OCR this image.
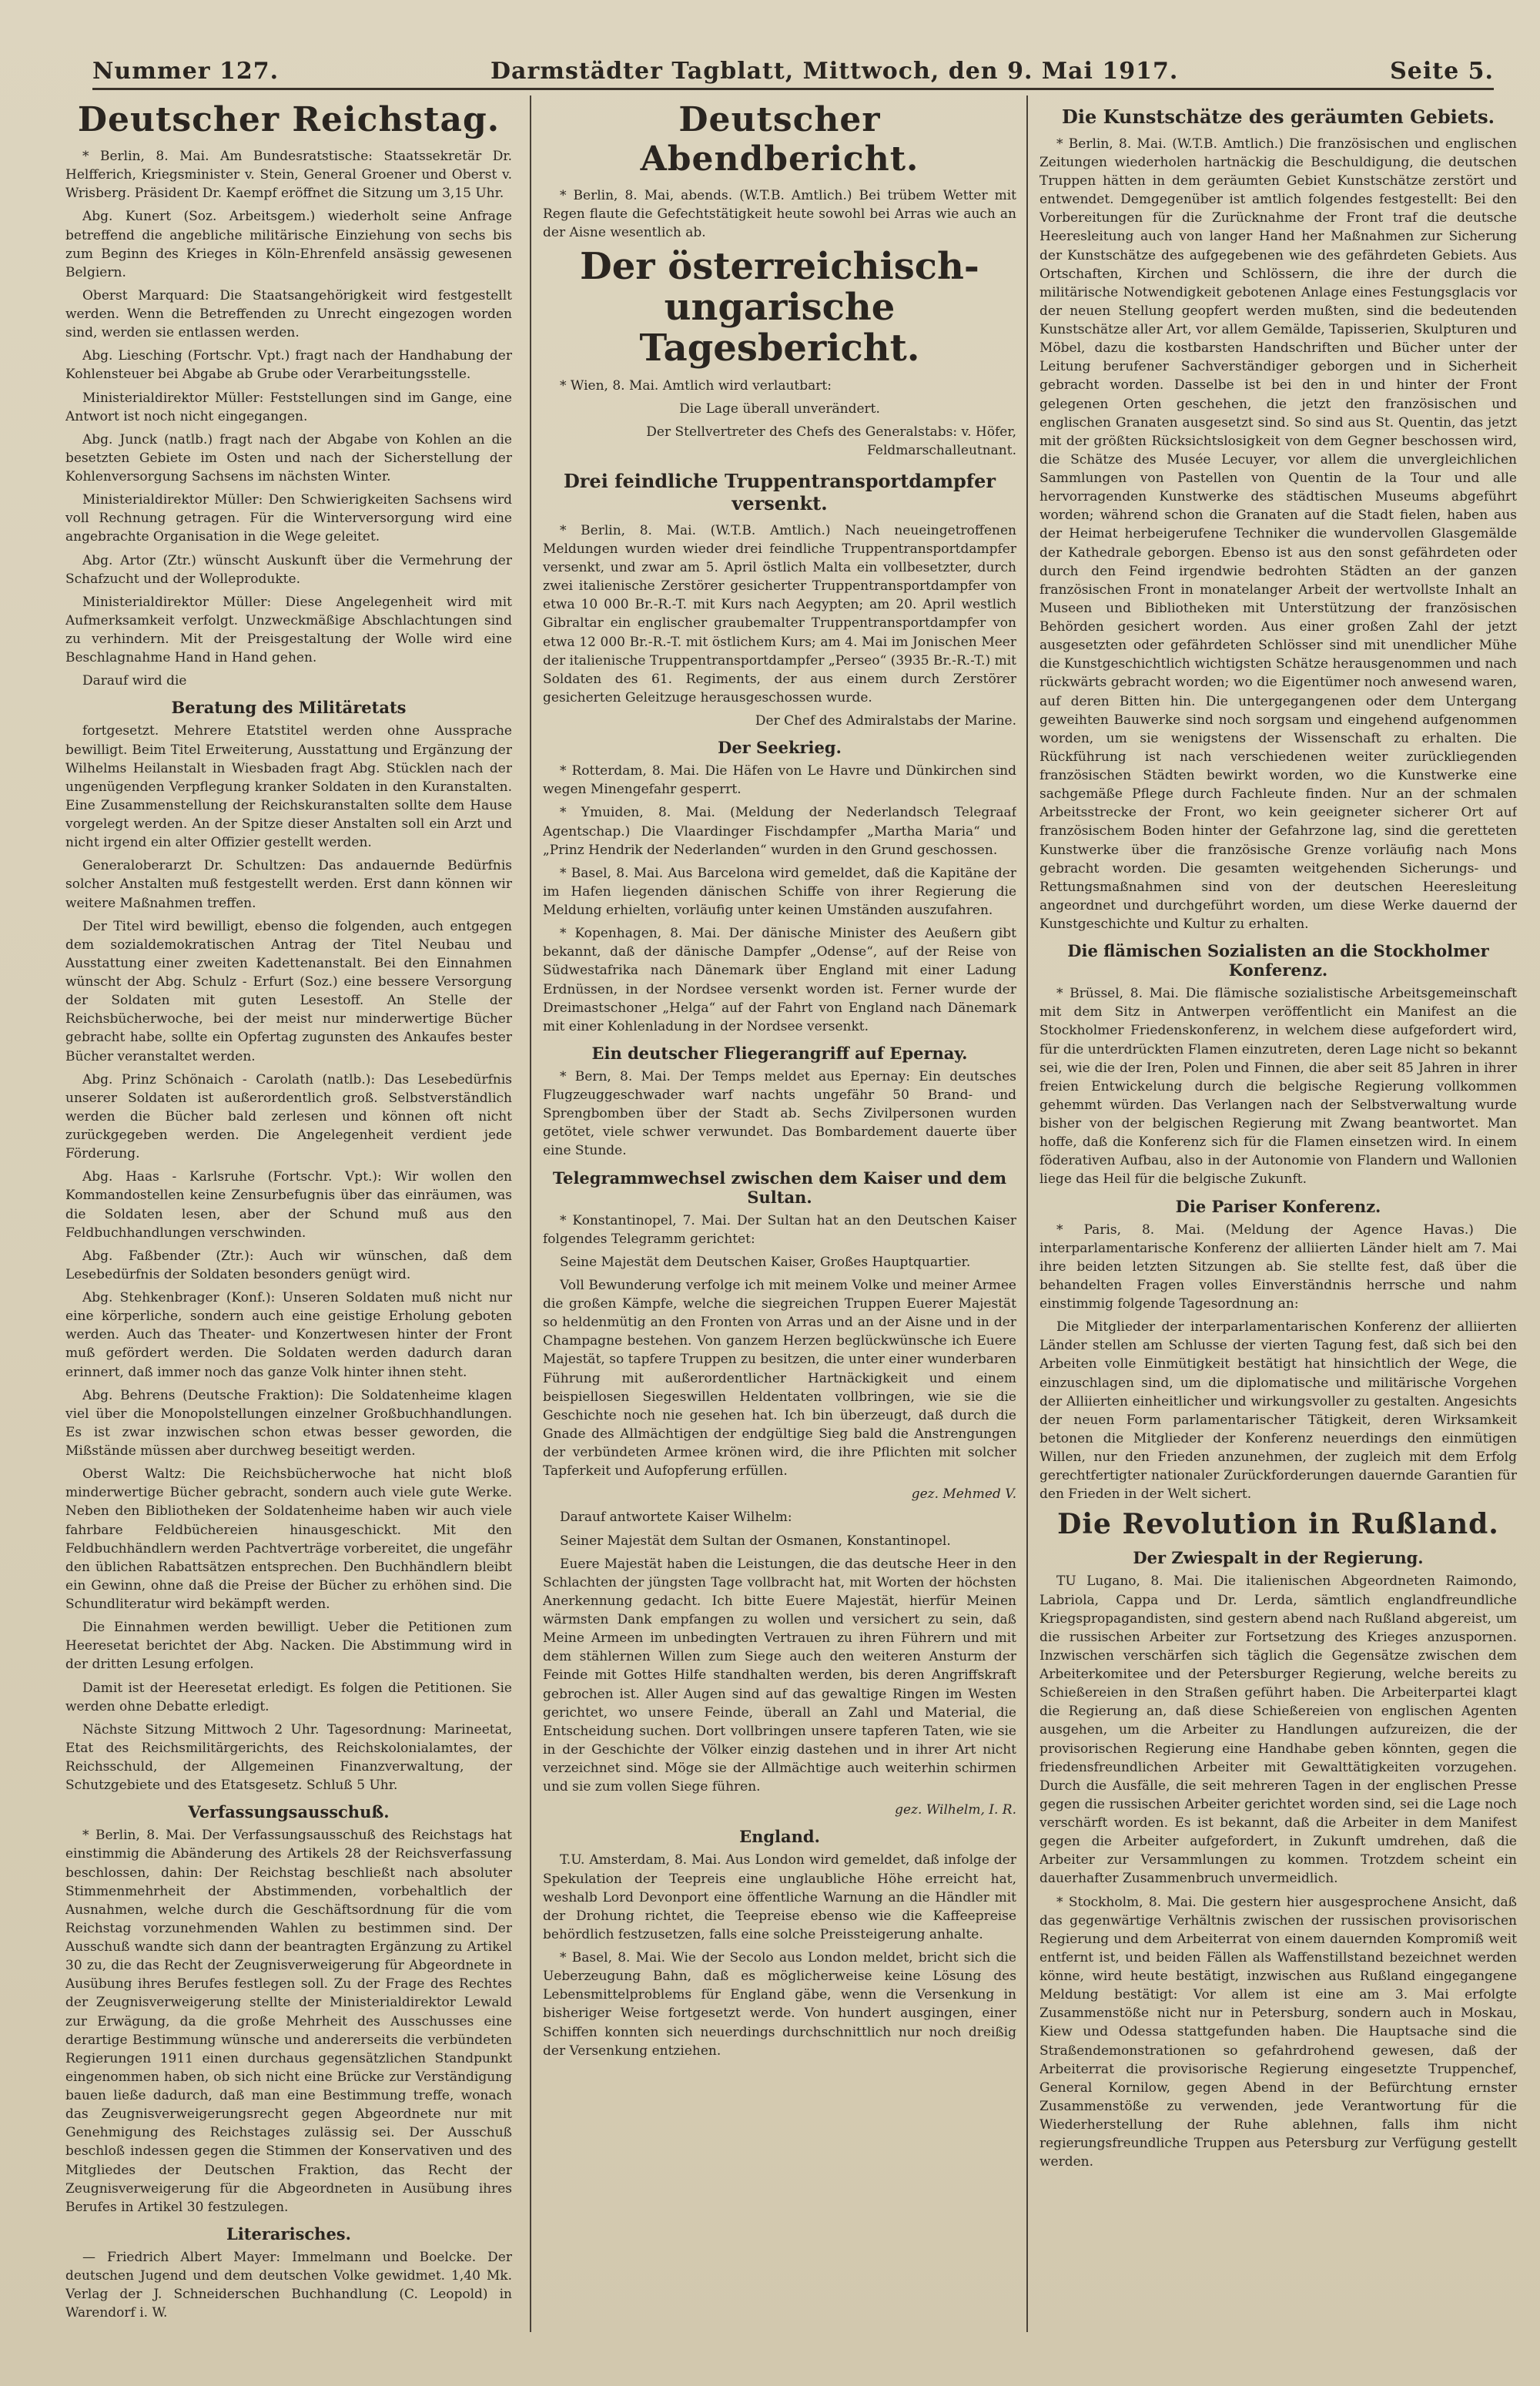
Nummer 127.	Darmstädter Tagblatt, Mittwoch, den 9. Mai 1917.	Seite 5.
Deutscher Reichstag.

* Berlin, 8. Mai. Am Bundesratstische: Staatssekretär Dr. Helfferich, Kriegsminister v. Stein, General Groener und Oberst v. Wrisberg. Präsident Dr. Kaempf eröffnet die Sitzung um 3,15 Uhr.

Abg. Kunert (Soz. Arbeitsgem.) wiederholt seine Anfrage betreffend die angebliche militärische Einziehung von sechs bis zum Beginn des Krieges in Köln-Ehrenfeld ansässig gewesenen Belgiern.

Oberst Marquard: Die Staatsangehörigkeit wird festgestellt werden. Wenn die Betreffenden zu Unrecht eingezogen worden sind, werden sie entlassen werden.

Abg. Liesching (Fortschr. Vpt.) fragt nach der Handhabung der Kohlensteuer bei Abgabe ab Grube oder Verarbeitungsstelle.

Ministerialdirektor Müller: Feststellungen sind im Gange, eine Antwort ist noch nicht eingegangen.

Abg. Junck (natlb.) fragt nach der Abgabe von Kohlen an die besetzten Gebiete im Osten und nach der Sicherstellung der Kohlenversorgung Sachsens im nächsten Winter.

Ministerialdirektor Müller: Den Schwierigkeiten Sachsens wird voll Rechnung getragen. Für die Winterversorgung wird eine angebrachte Organisation in die Wege geleitet.

Abg. Artor (Ztr.) wünscht Auskunft über die Vermehrung der Schafzucht und der Wolleprodukte.

Ministerialdirektor Müller: Diese Angelegenheit wird mit Aufmerksamkeit verfolgt. Unzweckmäßige Abschlachtungen sind zu verhindern. Mit der Preisgestaltung der Wolle wird eine Beschlagnahme Hand in Hand gehen.

Darauf wird die

Beratung des Militäretats

fortgesetzt. Mehrere Etatstitel werden ohne Aussprache bewilligt. Beim Titel Erweiterung, Ausstattung und Ergänzung der Wilhelms Heilanstalt in Wiesbaden fragt Abg. Stücklen nach der ungenügenden Verpflegung kranker Soldaten in den Kuranstalten. Eine Zusammenstellung der Reichskuranstalten sollte dem Hause vorgelegt werden. An der Spitze dieser Anstalten soll ein Arzt und nicht irgend ein alter Offizier gestellt werden.

Generaloberarzt Dr. Schultzen: Das andauernde Bedürfnis solcher Anstalten muß festgestellt werden. Erst dann können wir weitere Maßnahmen treffen.

Der Titel wird bewilligt, ebenso die folgenden, auch entgegen dem sozialdemokratischen Antrag der Titel Neubau und Ausstattung einer zweiten Kadettenanstalt. Bei den Einnahmen wünscht der Abg. Schulz - Erfurt (Soz.) eine bessere Versorgung der Soldaten mit guten Lesestoff. An Stelle der Reichsbücherwoche, bei der meist nur minderwertige Bücher gebracht habe, sollte ein Opfertag zugunsten des Ankaufes bester Bücher veranstaltet werden.

Abg. Prinz Schönaich - Carolath (natlb.): Das Lesebedürfnis unserer Soldaten ist außerordentlich groß. Selbstverständlich werden die Bücher bald zerlesen und können oft nicht zurückgegeben werden. Die Angelegenheit verdient jede Förderung.

Abg. Haas - Karlsruhe (Fortschr. Vpt.): Wir wollen den Kommandostellen keine Zensurbefugnis über das einräumen, was die Soldaten lesen, aber der Schund muß aus den Feldbuchhandlungen verschwinden.

Abg. Faßbender (Ztr.): Auch wir wünschen, daß dem Lesebedürfnis der Soldaten besonders genügt wird.

Abg. Stehkenbrager (Konf.): Unseren Soldaten muß nicht nur eine körperliche, sondern auch eine geistige Erholung geboten werden. Auch das Theater- und Konzertwesen hinter der Front muß gefördert werden. Die Soldaten werden dadurch daran erinnert, daß immer noch das ganze Volk hinter ihnen steht.

Abg. Behrens (Deutsche Fraktion): Die Soldatenheime klagen viel über die Monopolstellungen einzelner Großbuchhandlungen. Es ist zwar inzwischen schon etwas besser geworden, die Mißstände müssen aber durchweg beseitigt werden.

Oberst Waltz: Die Reichsbücherwoche hat nicht bloß minderwertige Bücher gebracht, sondern auch viele gute Werke. Neben den Bibliotheken der Soldatenheime haben wir auch viele fahrbare Feldbüchereien hinausgeschickt. Mit den Feldbuchhändlern werden Pachtverträge vorbereitet, die ungefähr den üblichen Rabattsätzen entsprechen. Den Buchhändlern bleibt ein Gewinn, ohne daß die Preise der Bücher zu erhöhen sind. Die Schundliteratur wird bekämpft werden.

Die Einnahmen werden bewilligt. Ueber die Petitionen zum Heeresetat berichtet der Abg. Nacken. Die Abstimmung wird in der dritten Lesung erfolgen.

Damit ist der Heeresetat erledigt. Es folgen die Petitionen. Sie werden ohne Debatte erledigt.

Nächste Sitzung Mittwoch 2 Uhr. Tagesordnung: Marineetat, Etat des Reichsmilitärgerichts, des Reichskolonialamtes, der Reichsschuld, der Allgemeinen Finanzverwaltung, der Schutzgebiete und des Etatsgesetz. Schluß 5 Uhr.

Verfassungsausschuß.

* Berlin, 8. Mai. Der Verfassungsausschuß des Reichstags hat einstimmig die Abänderung des Artikels 28 der Reichsverfassung beschlossen, dahin: Der Reichstag beschließt nach absoluter Stimmenmehrheit der Abstimmenden, vorbehaltlich der Ausnahmen, welche durch die Geschäftsordnung für die vom Reichstag vorzunehmenden Wahlen zu bestimmen sind. Der Ausschuß wandte sich dann der beantragten Ergänzung zu Artikel 30 zu, die das Recht der Zeugnisverweigerung für Abgeordnete in Ausübung ihres Berufes festlegen soll. Zu der Frage des Rechtes der Zeugnisverweigerung stellte der Ministerialdirektor Lewald zur Erwägung, da die große Mehrheit des Ausschusses eine derartige Bestimmung wünsche und andererseits die verbündeten Regierungen 1911 einen durchaus gegensätzlichen Standpunkt eingenommen haben, ob sich nicht eine Brücke zur Verständigung bauen ließe dadurch, daß man eine Bestimmung treffe, wonach das Zeugnisverweigerungsrecht gegen Abgeordnete nur mit Genehmigung des Reichstages zulässig sei. Der Ausschuß beschloß indessen gegen die Stimmen der Konservativen und des Mitgliedes der Deutschen Fraktion, das Recht der Zeugnisverweigerung für die Abgeordneten in Ausübung ihres Berufes in Artikel 30 festzulegen.

Literarisches.

— Friedrich Albert Mayer: Immelmann und Boelcke. Der deutschen Jugend und dem deutschen Volke gewidmet. 1,40 Mk. Verlag der J. Schneiderschen Buchhandlung (C. Leopold) in Warendorf i. W.

Deutscher Abendbericht.

* Berlin, 8. Mai, abends. (W.T.B. Amtlich.) Bei trübem Wetter mit Regen flaute die Gefechtstätigkeit heute sowohl bei Arras wie auch an der Aisne wesentlich ab.

Der österreichisch-ungarische Tagesbericht.

* Wien, 8. Mai. Amtlich wird verlautbart:

Die Lage überall unverändert.

Der Stellvertreter des Chefs des Generalstabs: v. Höfer, Feldmarschalleutnant.

Drei feindliche Truppentransportdampfer versenkt.

* Berlin, 8. Mai. (W.T.B. Amtlich.) Nach neueingetroffenen Meldungen wurden wieder drei feindliche Truppentransportdampfer versenkt, und zwar am 5. April östlich Malta ein vollbesetzter, durch zwei italienische Zerstörer gesicherter Truppentransportdampfer von etwa 10 000 Br.-R.-T. mit Kurs nach Aegypten; am 20. April westlich Gibraltar ein englischer graubemalter Truppentransportdampfer von etwa 12 000 Br.-R.-T. mit östlichem Kurs; am 4. Mai im Jonischen Meer der italienische Truppentransportdampfer „Perseo“ (3935 Br.-R.-T.) mit Soldaten des 61. Regiments, der aus einem durch Zerstörer gesicherten Geleitzuge herausgeschossen wurde.

Der Chef des Admiralstabs der Marine.

Der Seekrieg.

* Rotterdam, 8. Mai. Die Häfen von Le Havre und Dünkirchen sind wegen Minengefahr gesperrt.

* Ymuiden, 8. Mai. (Meldung der Nederlandsch Telegraaf Agentschap.) Die Vlaardinger Fischdampfer „Martha Maria“ und „Prinz Hendrik der Nederlanden“ wurden in den Grund geschossen.

* Basel, 8. Mai. Aus Barcelona wird gemeldet, daß die Kapitäne der im Hafen liegenden dänischen Schiffe von ihrer Regierung die Meldung erhielten, vorläufig unter keinen Umständen auszufahren.

* Kopenhagen, 8. Mai. Der dänische Minister des Aeußern gibt bekannt, daß der dänische Dampfer „Odense“, auf der Reise von Südwestafrika nach Dänemark über England mit einer Ladung Erdnüssen, in der Nordsee versenkt worden ist. Ferner wurde der Dreimastschoner „Helga“ auf der Fahrt von England nach Dänemark mit einer Kohlenladung in der Nordsee versenkt.

Ein deutscher Fliegerangriff auf Epernay.

* Bern, 8. Mai. Der Temps meldet aus Epernay: Ein deutsches Flugzeuggeschwader warf nachts ungefähr 50 Brand- und Sprengbomben über der Stadt ab. Sechs Zivilpersonen wurden getötet, viele schwer verwundet. Das Bombardement dauerte über eine Stunde.

Telegrammwechsel zwischen dem Kaiser und dem Sultan.

* Konstantinopel, 7. Mai. Der Sultan hat an den Deutschen Kaiser folgendes Telegramm gerichtet:

Seine Majestät dem Deutschen Kaiser, Großes Hauptquartier.

Voll Bewunderung verfolge ich mit meinem Volke und meiner Armee die großen Kämpfe, welche die siegreichen Truppen Euerer Majestät so heldenmütig an den Fronten von Arras und an der Aisne und in der Champagne bestehen. Von ganzem Herzen beglückwünsche ich Euere Majestät, so tapfere Truppen zu besitzen, die unter einer wunderbaren Führung mit außerordentlicher Hartnäckigkeit und einem beispiellosen Siegeswillen Heldentaten vollbringen, wie sie die Geschichte noch nie gesehen hat. Ich bin überzeugt, daß durch die Gnade des Allmächtigen der endgültige Sieg bald die Anstrengungen der verbündeten Armee krönen wird, die ihre Pflichten mit solcher Tapferkeit und Aufopferung erfüllen.

gez. Mehmed V.

Darauf antwortete Kaiser Wilhelm:

Seiner Majestät dem Sultan der Osmanen, Konstantinopel.

Euere Majestät haben die Leistungen, die das deutsche Heer in den Schlachten der jüngsten Tage vollbracht hat, mit Worten der höchsten Anerkennung gedacht. Ich bitte Euere Majestät, hierfür Meinen wärmsten Dank empfangen zu wollen und versichert zu sein, daß Meine Armeen im unbedingten Vertrauen zu ihren Führern und mit dem stählernen Willen zum Siege auch den weiteren Ansturm der Feinde mit Gottes Hilfe standhalten werden, bis deren Angriffskraft gebrochen ist. Aller Augen sind auf das gewaltige Ringen im Westen gerichtet, wo unsere Feinde, überall an Zahl und Material, die Entscheidung suchen. Dort vollbringen unsere tapferen Taten, wie sie in der Geschichte der Völker einzig dastehen und in ihrer Art nicht verzeichnet sind. Möge sie der Allmächtige auch weiterhin schirmen und sie zum vollen Siege führen.

gez. Wilhelm, I. R.

England.

T.U. Amsterdam, 8. Mai. Aus London wird gemeldet, daß infolge der Spekulation der Teepreis eine unglaubliche Höhe erreicht hat, weshalb Lord Devonport eine öffentliche Warnung an die Händler mit der Drohung richtet, die Teepreise ebenso wie die Kaffeepreise behördlich festzusetzen, falls eine solche Preissteigerung anhalte.

* Basel, 8. Mai. Wie der Secolo aus London meldet, bricht sich die Ueberzeugung Bahn, daß es möglicherweise keine Lösung des Lebensmittelproblems für England gäbe, wenn die Versenkung in bisheriger Weise fortgesetzt werde. Von hundert ausgingen, einer Schiffen konnten sich neuerdings durchschnittlich nur noch dreißig der Versenkung entziehen.

Die Kunstschätze des geräumten Gebiets.

* Berlin, 8. Mai. (W.T.B. Amtlich.) Die französischen und englischen Zeitungen wiederholen hartnäckig die Beschuldigung, die deutschen Truppen hätten in dem geräumten Gebiet Kunstschätze zerstört und entwendet. Demgegenüber ist amtlich folgendes festgestellt: Bei den Vorbereitungen für die Zurücknahme der Front traf die deutsche Heeresleitung auch von langer Hand her Maßnahmen zur Sicherung der Kunstschätze des aufgegebenen wie des gefährdeten Gebiets. Aus Ortschaften, Kirchen und Schlössern, die ihre der durch die militärische Notwendigkeit gebotenen Anlage eines Festungsglacis vor der neuen Stellung geopfert werden mußten, sind die bedeutenden Kunstschätze aller Art, vor allem Gemälde, Tapisserien, Skulpturen und Möbel, dazu die kostbarsten Handschriften und Bücher unter der Leitung berufener Sachverständiger geborgen und in Sicherheit gebracht worden. Dasselbe ist bei den in und hinter der Front gelegenen Orten geschehen, die jetzt den französischen und englischen Granaten ausgesetzt sind. So sind aus St. Quentin, das jetzt mit der größten Rücksichtslosigkeit von dem Gegner beschossen wird, die Schätze des Musée Lecuyer, vor allem die unvergleichlichen Sammlungen von Pastellen von Quentin de la Tour und alle hervorragenden Kunstwerke des städtischen Museums abgeführt worden; während schon die Granaten auf die Stadt fielen, haben aus der Heimat herbeigerufene Techniker die wundervollen Glasgemälde der Kathedrale geborgen. Ebenso ist aus den sonst gefährdeten oder durch den Feind irgendwie bedrohten Städten an der ganzen französischen Front in monatelanger Arbeit der wertvollste Inhalt an Museen und Bibliotheken mit Unterstützung der französischen Behörden gesichert worden. Aus einer großen Zahl der jetzt ausgesetzten oder gefährdeten Schlösser sind mit unendlicher Mühe die Kunstgeschichtlich wichtigsten Schätze herausgenommen und nach rückwärts gebracht worden; wo die Eigentümer noch anwesend waren, auf deren Bitten hin. Die untergegangenen oder dem Untergang geweihten Bauwerke sind noch sorgsam und eingehend aufgenommen worden, um sie wenigstens der Wissenschaft zu erhalten. Die Rückführung ist nach verschiedenen weiter zurückliegenden französischen Städten bewirkt worden, wo die Kunstwerke eine sachgemäße Pflege durch Fachleute finden. Nur an der schmalen Arbeitsstrecke der Front, wo kein geeigneter sicherer Ort auf französischem Boden hinter der Gefahrzone lag, sind die geretteten Kunstwerke über die französische Grenze vorläufig nach Mons gebracht worden. Die gesamten weitgehenden Sicherungs- und Rettungsmaßnahmen sind von der deutschen Heeresleitung angeordnet und durchgeführt worden, um diese Werke dauernd der Kunstgeschichte und Kultur zu erhalten.

Die flämischen Sozialisten an die Stockholmer Konferenz.

* Brüssel, 8. Mai. Die flämische sozialistische Arbeitsgemeinschaft mit dem Sitz in Antwerpen veröffentlicht ein Manifest an die Stockholmer Friedenskonferenz, in welchem diese aufgefordert wird, für die unterdrückten Flamen einzutreten, deren Lage nicht so bekannt sei, wie die der Iren, Polen und Finnen, die aber seit 85 Jahren in ihrer freien Entwickelung durch die belgische Regierung vollkommen gehemmt würden. Das Verlangen nach der Selbstverwaltung wurde bisher von der belgischen Regierung mit Zwang beantwortet. Man hoffe, daß die Konferenz sich für die Flamen einsetzen wird. In einem föderativen Aufbau, also in der Autonomie von Flandern und Wallonien liege das Heil für die belgische Zukunft.

Die Pariser Konferenz.

* Paris, 8. Mai. (Meldung der Agence Havas.) Die interparlamentarische Konferenz der alliierten Länder hielt am 7. Mai ihre beiden letzten Sitzungen ab. Sie stellte fest, daß über die behandelten Fragen volles Einverständnis herrsche und nahm einstimmig folgende Tagesordnung an:

Die Mitglieder der interparlamentarischen Konferenz der alliierten Länder stellen am Schlusse der vierten Tagung fest, daß sich bei den Arbeiten volle Einmütigkeit bestätigt hat hinsichtlich der Wege, die einzuschlagen sind, um die diplomatische und militärische Vorgehen der Alliierten einheitlicher und wirkungsvoller zu gestalten. Angesichts der neuen Form parlamentarischer Tätigkeit, deren Wirksamkeit betonen die Mitglieder der Konferenz neuerdings den einmütigen Willen, nur den Frieden anzunehmen, der zugleich mit dem Erfolg gerechtfertigter nationaler Zurückforderungen dauernde Garantien für den Frieden in der Welt sichert.

Die Revolution in Rußland.
Der Zwiespalt in der Regierung.

TU Lugano, 8. Mai. Die italienischen Abgeordneten Raimondo, Labriola, Cappa und Dr. Lerda, sämtlich englandfreundliche Kriegspropagandisten, sind gestern abend nach Rußland abgereist, um die russischen Arbeiter zur Fortsetzung des Krieges anzuspornen. Inzwischen verschärfen sich täglich die Gegensätze zwischen dem Arbeiterkomitee und der Petersburger Regierung, welche bereits zu Schießereien in den Straßen geführt haben. Die Arbeiterpartei klagt die Regierung an, daß diese Schießereien von englischen Agenten ausgehen, um die Arbeiter zu Handlungen aufzureizen, die der provisorischen Regierung eine Handhabe geben könnten, gegen die friedensfreundlichen Arbeiter mit Gewalttätigkeiten vorzugehen. Durch die Ausfälle, die seit mehreren Tagen in der englischen Presse gegen die russischen Arbeiter gerichtet worden sind, sei die Lage noch verschärft worden. Es ist bekannt, daß die Arbeiter in dem Manifest gegen die Arbeiter aufgefordert, in Zukunft umdrehen, daß die Arbeiter zur Versammlungen zu kommen. Trotzdem scheint ein dauerhafter Zusammenbruch unvermeidlich.

* Stockholm, 8. Mai. Die gestern hier ausgesprochene Ansicht, daß das gegenwärtige Verhältnis zwischen der russischen provisorischen Regierung und dem Arbeiterrat von einem dauernden Kompromiß weit entfernt ist, und beiden Fällen als Waffenstillstand bezeichnet werden könne, wird heute bestätigt, inzwischen aus Rußland eingegangene Meldung bestätigt: Vor allem ist eine am 3. Mai erfolgte Zusammenstöße nicht nur in Petersburg, sondern auch in Moskau, Kiew und Odessa stattgefunden haben. Die Hauptsache sind die Straßendemonstrationen so gefahrdrohend gewesen, daß der Arbeiterrat die provisorische Regierung eingesetzte Truppenchef, General Kornilow, gegen Abend in der Befürchtung ernster Zusammenstöße zu verwenden, jede Verantwortung für die Wiederherstellung der Ruhe ablehnen, falls ihm nicht regierungsfreundliche Truppen aus Petersburg zur Verfügung gestellt werden.
